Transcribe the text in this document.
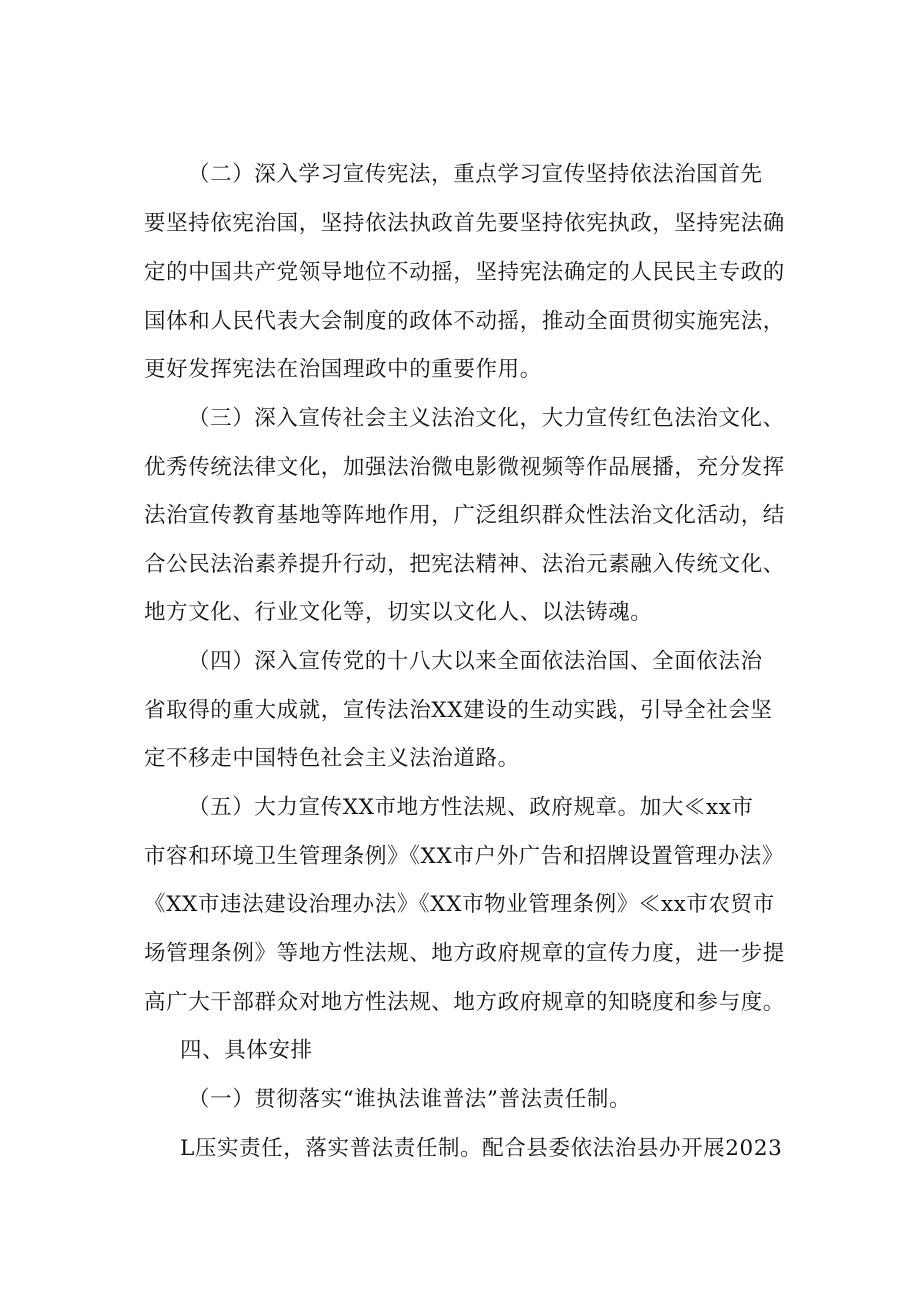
（二）深入学习宣传宪法，重点学习宣传坚持依法治国首先
要坚持依宪治国，坚持依法执政首先要坚持依宪执政，坚持宪法确
定的中国共产党领导地位不动摇，坚持宪法确定的人民民主专政的
国体和人民代表大会制度的政体不动摇，推动全面贯彻实施宪法，
更好发挥宪法在治国理政中的重要作用。
（三）深入宣传社会主义法治文化，大力宣传红色法治文化、
优秀传统法律文化，加强法治微电影微视频等作品展播，充分发挥
法治宣传教育基地等阵地作用，广泛组织群众性法治文化活动，结
合公民法治素养提升行动，把宪法精神、法治元素融入传统文化、
地方文化、行业文化等，切实以文化人、以法铸魂。
（四）深入宣传党的十八大以来全面依法治国、全面依法治
省取得的重大成就，宣传法治XX建设的生动实践，引导全社会坚
定不移走中国特色社会主义法治道路。
（五）大力宣传XX市地方性法规、政府规章。加大≪xx市
市容和环境卫生管理条例》《XX市户外广告和招牌设置管理办法》
《XX市违法建设治理办法》《XX市物业管理条例》≪xx市农贸市
场管理条例》等地方性法规、地方政府规章的宣传力度，进一步提
高广大干部群众对地方性法规、地方政府规章的知晓度和参与度。
四、具体安排
（一）贯彻落实“谁执法谁普法”普法责任制。
L压实责任，落实普法责任制。配合县委依法治县办开展2023
